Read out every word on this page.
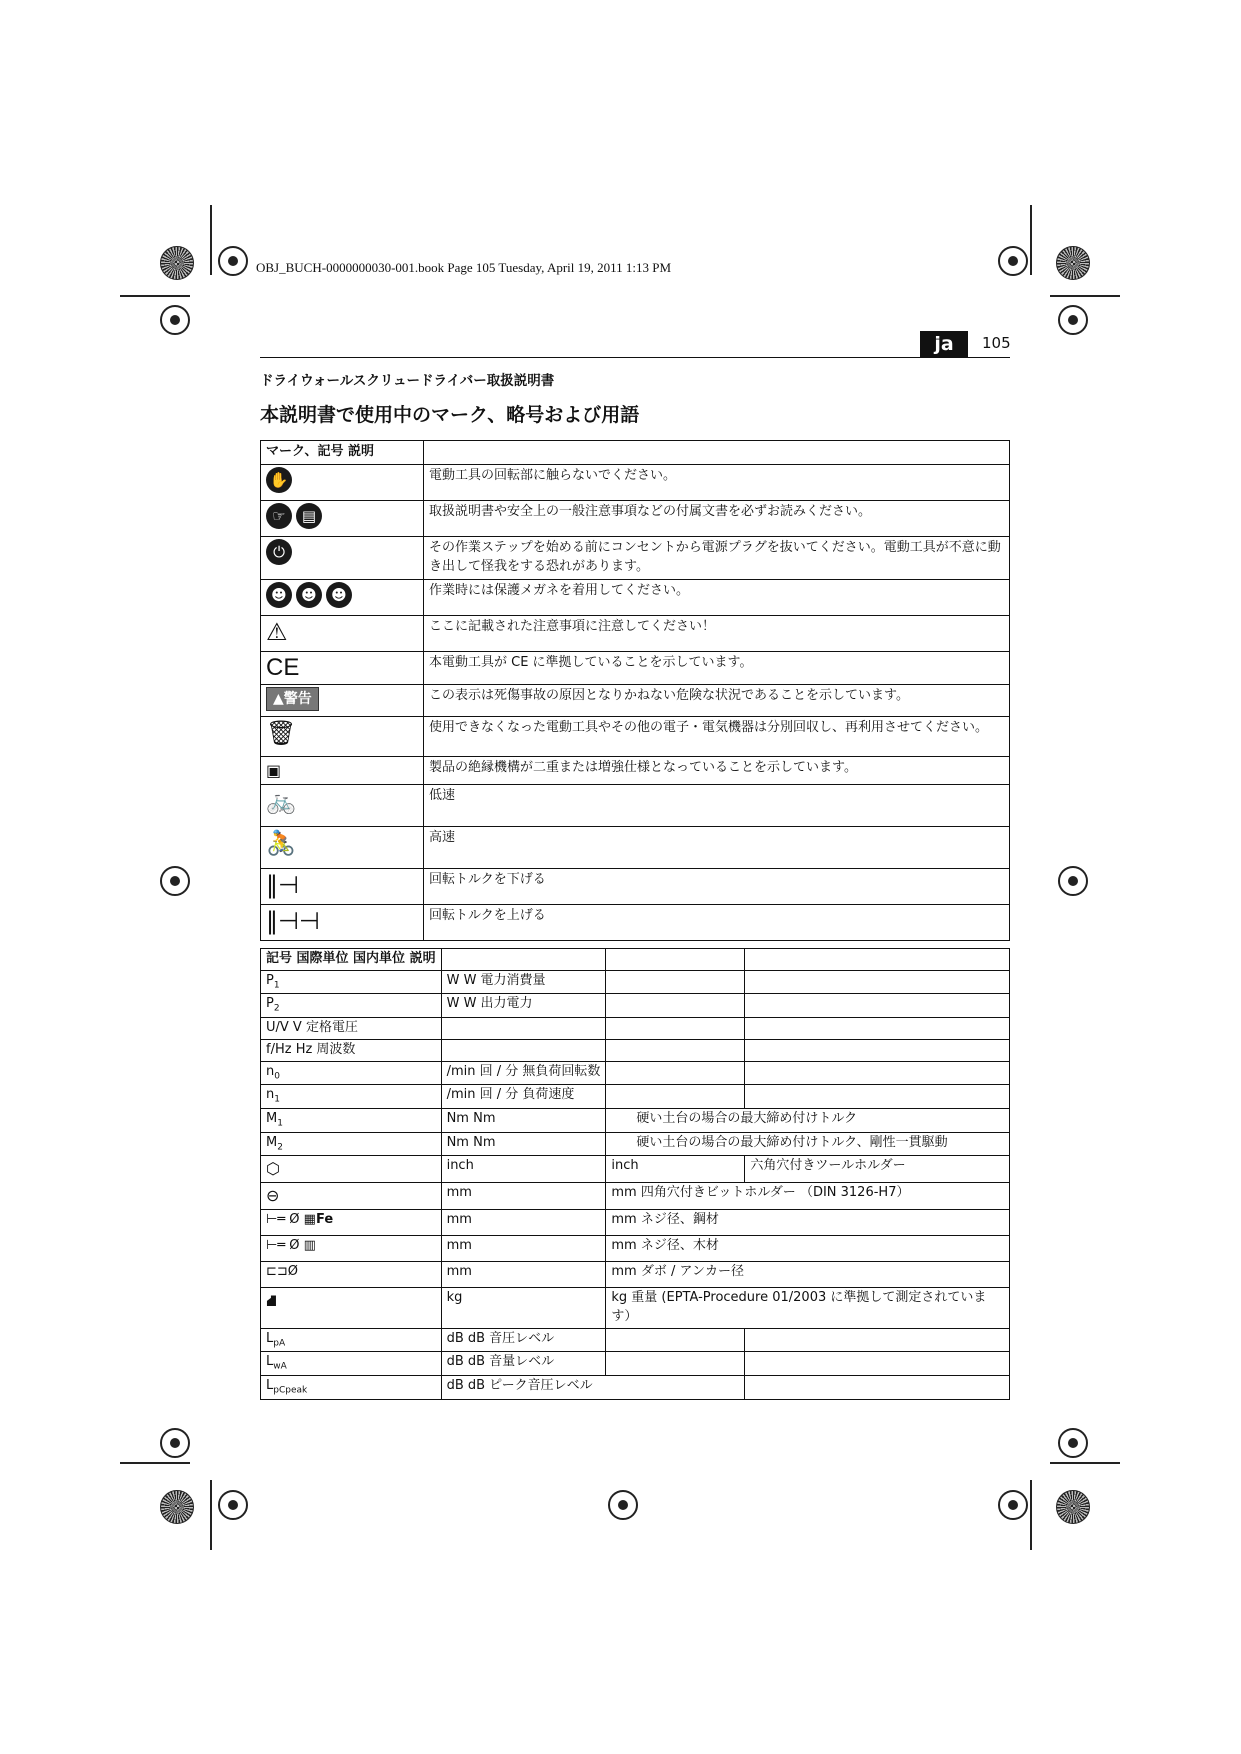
OBJ_BUCH-0000000030-001.book Page 105 Tuesday, April 19, 2011 1:13 PM
ja	105
ドライウォールスクリュードライバー取扱説明書
本説明書で使用中のマーク、略号および用語
マーク、記号 説明	
✋	電動工具の回転部に触らないでください。
☞ ▤	取扱説明書や安全上の一般注意事項などの付属文書を必ずお読みください。
⏻	その作業ステップを始める前にコンセントから電源プラグを抜いてください。電動工具が不意に動き出して怪我をする恐れがあります。
☻ ☻ ☻	作業時には保護メガネを着用してください。
⚠	ここに記載された注意事項に注意してください！
CE	本電動工具が CE に準拠していることを示しています。
▲警告	この表示は死傷事故の原因となりかねない危険な状況であることを示しています。
🗑	使用できなくなった電動工具やその他の電子・電気機器は分別回収し、再利用させてください。
▣	製品の絶縁機構が二重または増強仕様となっていることを示しています。
🚲	低速
🚴	高速
‖⊣	回転トルクを下げる
‖⊣⊣	回転トルクを上げる
記号 国際単位 国内単位 説明			
$P_1$	W W 電力消費量		
$P_2$	W W 出力電力		
U/V V 定格電圧			
f/Hz Hz 周波数			
$n_0$	/min 回 / 分 無負荷回転数		
$n_1$	/min 回 / 分 負荷速度		
$M_1$	Nm Nm	硬い土台の場合の最大締め付けトルク	
$M_2$	Nm Nm	硬い土台の場合の最大締め付けトルク、剛性一貫駆動	
⬡	inch	inch	六角穴付きツールホルダー
⊖	mm	mm 四角穴付きビットホルダー （DIN 3126-H7）	
⊢═ Ø ▦Fe	mm	mm ネジ径、鋼材	
⊢═ Ø ▥	mm	mm ネジ径、木材	
⊏⊐Ø	mm	mm ダボ / アンカー径	
⛘	kg	kg 重量 (EPTA-Procedure 01/2003 に準拠して測定されています）	
$L_{pA}$	dB dB 音圧レベル		
$L_{wA}$	dB dB 音量レベル		
$L_{pCpeak}$	dB dB ピーク音圧レベル		
